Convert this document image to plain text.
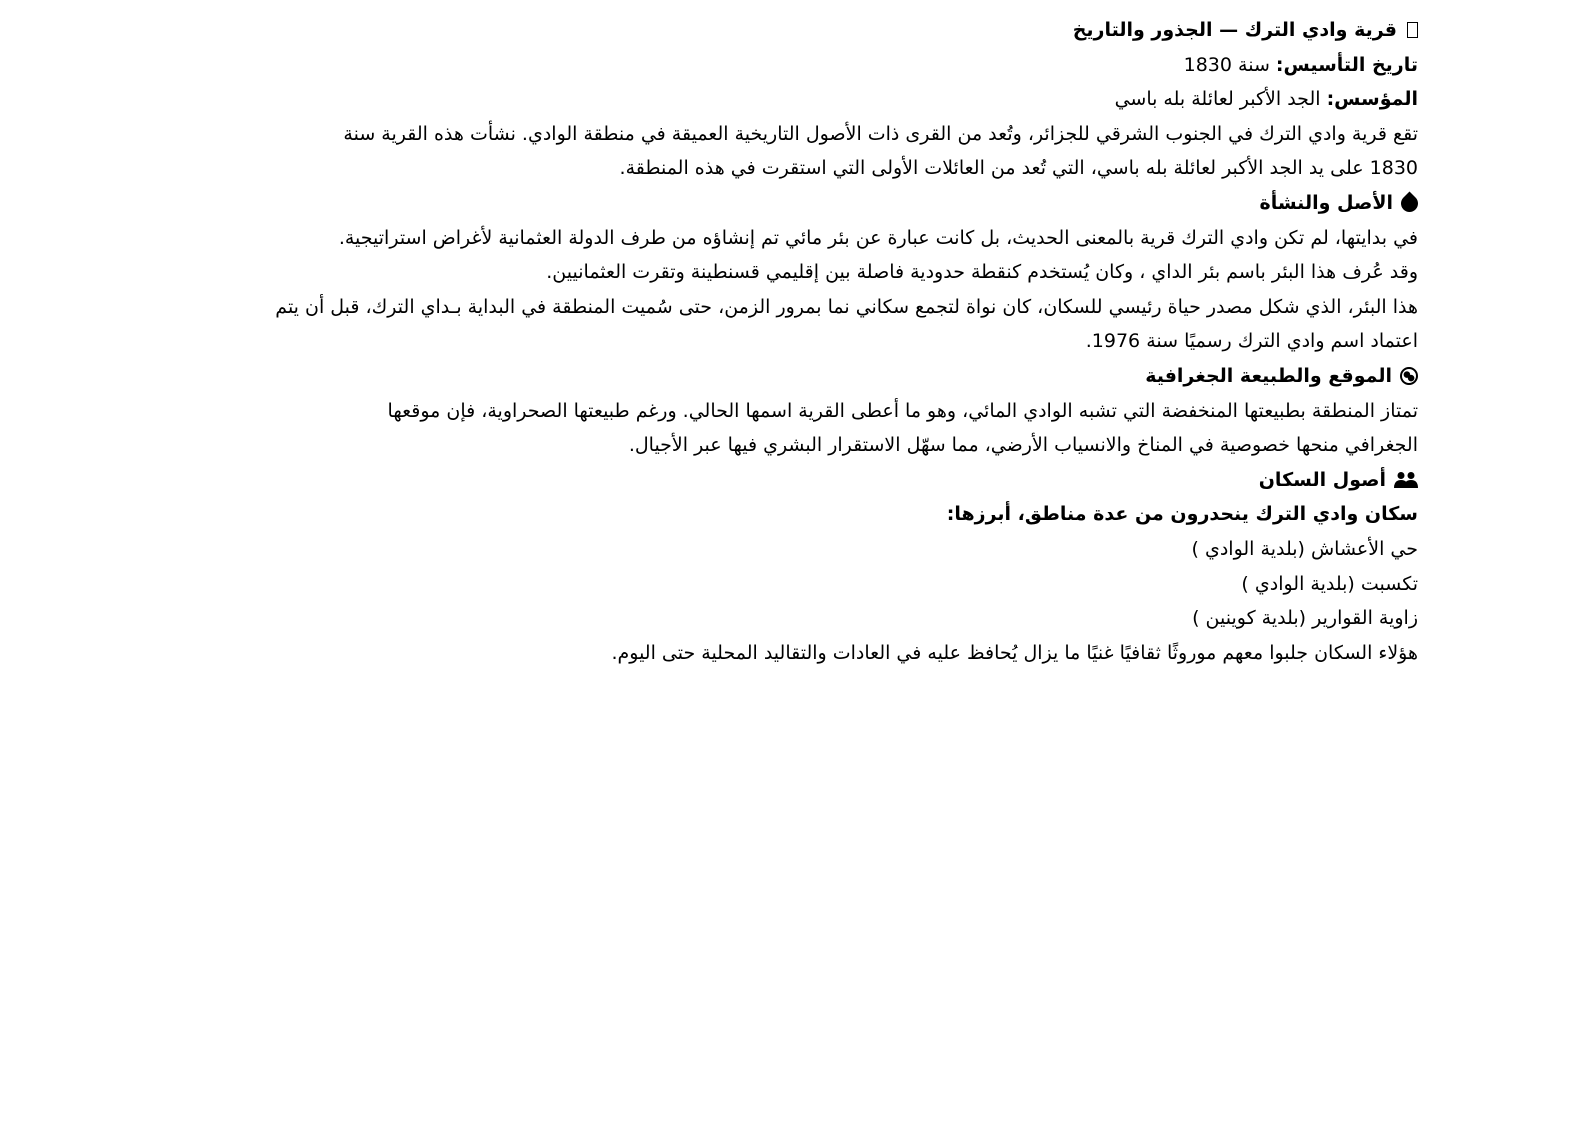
قرية وادي الترك — الجذور والتاريخ
تاريخ التأسيس: سنة 1830
المؤسس: الجد الأكبر لعائلة بله باسي
تقع قرية وادي الترك في الجنوب الشرقي للجزائر، وتُعد من القرى ذات الأصول التاريخية العميقة في منطقة الوادي. نشأت هذه القرية سنة
1830 على يد الجد الأكبر لعائلة بله باسي، التي تُعد من العائلات الأولى التي استقرت في هذه المنطقة.
الأصل والنشأة
في بدايتها، لم تكن وادي الترك قرية بالمعنى الحديث، بل كانت عبارة عن بئر مائي تم إنشاؤه من طرف الدولة العثمانية لأغراض استراتيجية.
وقد عُرف هذا البئر باسم بئر الداي ، وكان يُستخدم كنقطة حدودية فاصلة بين إقليمي قسنطينة وتقرت العثمانيين.
هذا البئر، الذي شكل مصدر حياة رئيسي للسكان، كان نواة لتجمع سكاني نما بمرور الزمن، حتى سُميت المنطقة في البداية بـداي الترك، قبل أن يتم
اعتماد اسم وادي الترك رسميًا سنة 1976.
الموقع والطبيعة الجغرافية
تمتاز المنطقة بطبيعتها المنخفضة التي تشبه الوادي المائي، وهو ما أعطى القرية اسمها الحالي. ورغم طبيعتها الصحراوية، فإن موقعها
الجغرافي منحها خصوصية في المناخ والانسياب الأرضي، مما سهّل الاستقرار البشري فيها عبر الأجيال.
أصول السكان
سكان وادي الترك ينحدرون من عدة مناطق، أبرزها:
حي الأعشاش (بلدية الوادي )
تكسبت (بلدية الوادي )
زاوية القوارير (بلدية كوينين )
هؤلاء السكان جلبوا معهم موروثًا ثقافيًا غنيًا ما يزال يُحافظ عليه في العادات والتقاليد المحلية حتى اليوم.
